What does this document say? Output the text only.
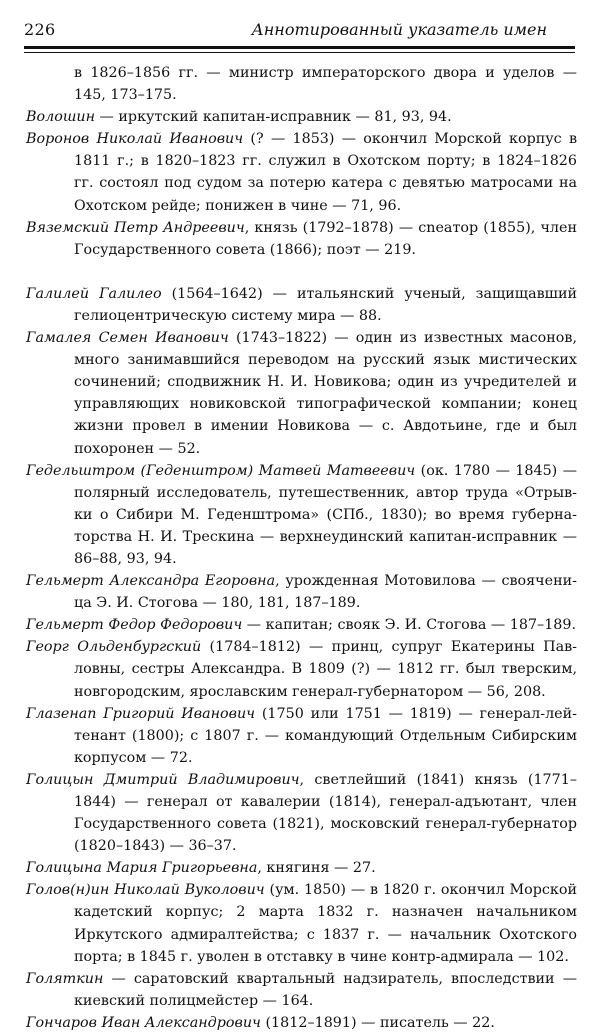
226	Аннотированный указатель имен

в 1826–1856 гг. — министр императорского двора и уделов — 145, 173–175.

Волошин — иркутский капитан-исправник — 81, 93, 94.

Воронов Николай Иванович (? — 1853) — окончил Морской корпус в 1811 г.; в 1820–1823 гг. служил в Охотском порту; в 1824–1826 гг. состоял под судом за потерю катера с девятью матросами на Охотском рейде; понижен в чине — 71, 96.

Вяземский Петр Андреевич, князь (1792–1878) — сneатор (1855), член Государственного совета (1866); поэт — 219.

Галилей Галилео (1564–1642) — итальянский ученый, защищавший гелиоцентрическую систему мира — 88.

Гамалея Семен Иванович (1743–1822) — один из известных масонов, много занимавшийся переводом на русский язык мистических сочинений; сподвижник Н. И. Новикова; один из учредителей и управляющих новиковской типографической компании; конец жизни провел в имении Новикова — с. Авдотьине, где и был похоронен — 52.

Гедельштром (Геденштром) Матвей Матвеевич (ок. 1780 — 1845) — полярный исследователь, путешественник, автор труда «Отрывки о Сибири М. Геденштрома» (СПб., 1830); во время губернаторства Н. И. Трескина — верхнеудинский капитан-исправник — 86–88, 93, 94.

Гельмерт Александра Егоровна, урожденная Мотовилова — свояченица Э. И. Стогова — 180, 181, 187–189.

Гельмерт Федор Федорович — капитан; свояк Э. И. Стогова — 187–189.

Георг Ольденбургский (1784–1812) — принц, супруг Екатерины Павловны, сестры Александра. В 1809 (?) — 1812 гг. был тверским, новгородским, ярославским генерал-губернатором — 56, 208.

Глазенап Григорий Иванович (1750 или 1751 — 1819) — генерал-лейтенант (1800); с 1807 г. — командующий Отдельным Сибирским корпусом — 72.

Голицын Дмитрий Владимирович, светлейший (1841) князь (1771–1844) — генерал от кавалерии (1814), генерал-адъютант, член Государственного совета (1821), московский генерал-губернатор (1820–1843) — 36–37.

Голицына Мария Григорьевна, княгиня — 27.

Голов(н)ин Николай Вуколович (ум. 1850) — в 1820 г. окончил Морской кадетский корпус; 2 марта 1832 г. назначен начальником Иркутского адмиралтейства; с 1837 г. — начальник Охотского порта; в 1845 г. уволен в отставку в чине контр-адмирала — 102.

Голяткин — саратовский квартальный надзиратель, впоследствии — киевский полицмейстер — 164.

Гончаров Иван Александрович (1812–1891) — писатель — 22.
